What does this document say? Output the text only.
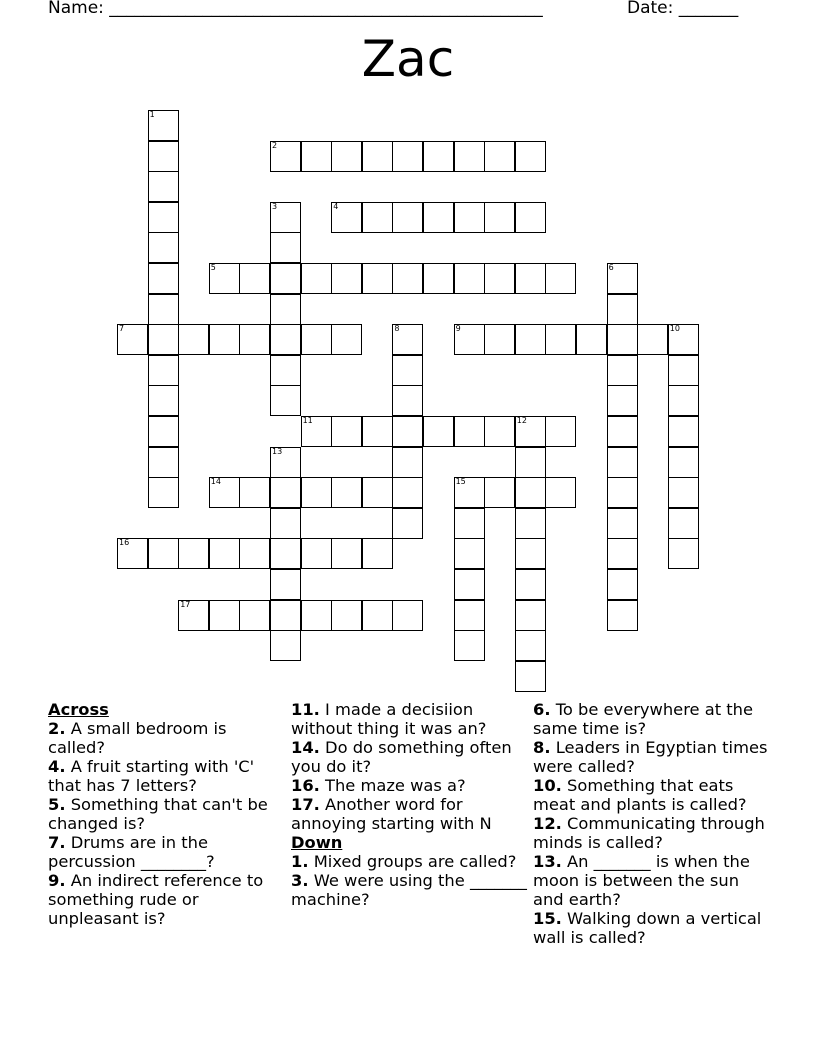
Name: ___________________________________________________	Date: _______
Zac
1
2
3	4
5	6
7	8	9	10
11	12
13
14	15
16
17
Across
2. A small bedroom is called?
4. A fruit starting with 'C' that has 7 letters?
5. Something that can't be changed is?
7. Drums are in the percussion ________?
9. An indirect reference to something rude or unpleasant is?
11. I made a decisiion without thing it was an?
14. Do do something often you do it?
16. The maze was a?
17. Another word for annoying starting with N
Down
1. Mixed groups are called?
3. We were using the _______ machine?
6. To be everywhere at the same time is?
8. Leaders in Egyptian times were called?
10. Something that eats meat and plants is called?
12. Communicating through minds is called?
13. An _______ is when the moon is between the sun and earth?
15. Walking down a vertical wall is called?
